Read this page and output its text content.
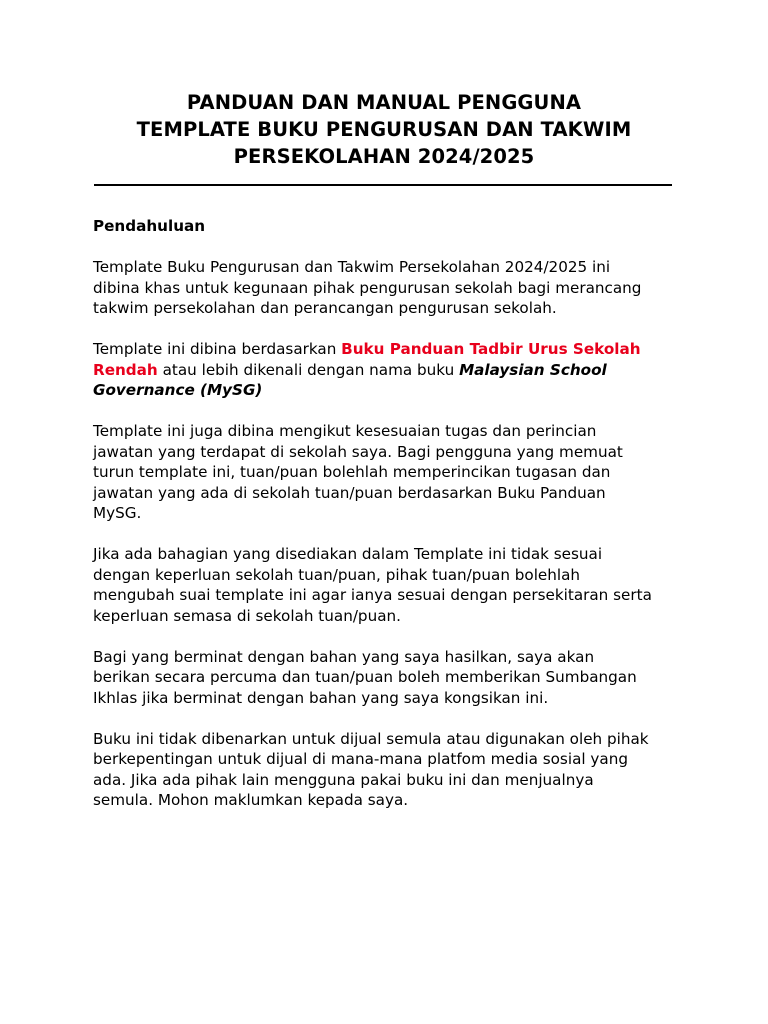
PANDUAN DAN MANUAL PENGGUNA
TEMPLATE BUKU PENGURUSAN DAN TAKWIM
PERSEKOLAHAN 2024/2025
Pendahuluan
Template Buku Pengurusan dan Takwim Persekolahan 2024/2025 ini
dibina khas untuk kegunaan pihak pengurusan sekolah bagi merancang
takwim persekolahan dan perancangan pengurusan sekolah.
Template ini dibina berdasarkan Buku Panduan Tadbir Urus Sekolah
Rendah atau lebih dikenali dengan nama buku Malaysian School
Governance (MySG)
Template ini juga dibina mengikut kesesuaian tugas dan perincian
jawatan yang terdapat di sekolah saya. Bagi pengguna yang memuat
turun template ini, tuan/puan bolehlah memperincikan tugasan dan
jawatan yang ada di sekolah tuan/puan berdasarkan Buku Panduan
MySG.
Jika ada bahagian yang disediakan dalam Template ini tidak sesuai
dengan keperluan sekolah tuan/puan, pihak tuan/puan bolehlah
mengubah suai template ini agar ianya sesuai dengan persekitaran serta
keperluan semasa di sekolah tuan/puan.
Bagi yang berminat dengan bahan yang saya hasilkan, saya akan
berikan secara percuma dan tuan/puan boleh memberikan Sumbangan
Ikhlas jika berminat dengan bahan yang saya kongsikan ini.
Buku ini tidak dibenarkan untuk dijual semula atau digunakan oleh pihak
berkepentingan untuk dijual di mana-mana platfom media sosial yang
ada. Jika ada pihak lain mengguna pakai buku ini dan menjualnya
semula. Mohon maklumkan kepada saya.
